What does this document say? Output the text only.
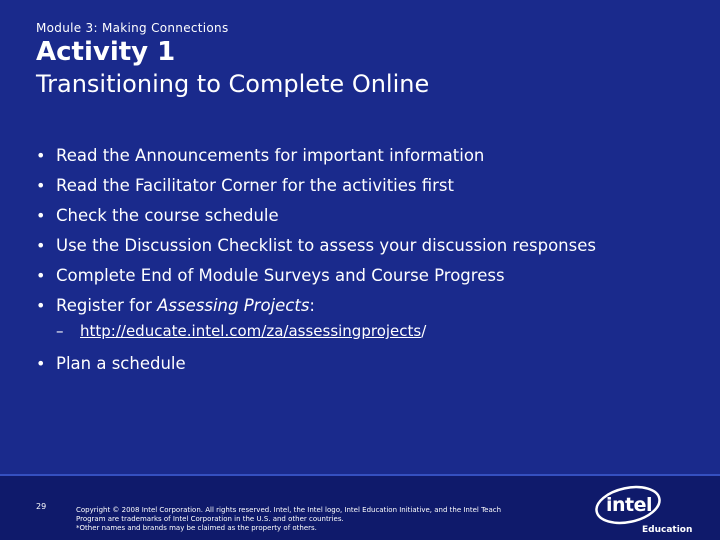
Module 3: Making Connections
Activity 1
Transitioning to Complete Online
• Read the Announcements for important information
• Read the Facilitator Corner for the activities first
• Check the course schedule
• Use the Discussion Checklist to assess your discussion responses
• Complete End of Module Surveys and Course Progress
• Register for Assessing Projects:
– http://educate.intel.com/za/assessingprojects/
• Plan a schedule
29	Copyright © 2008 Intel Corporation. All rights reserved. Intel, the Intel logo, Intel Education Initiative, and the Intel Teach
Program are trademarks of Intel Corporation in the U.S. and other countries.
*Other names and brands may be claimed as the property of others.
intel
Education
